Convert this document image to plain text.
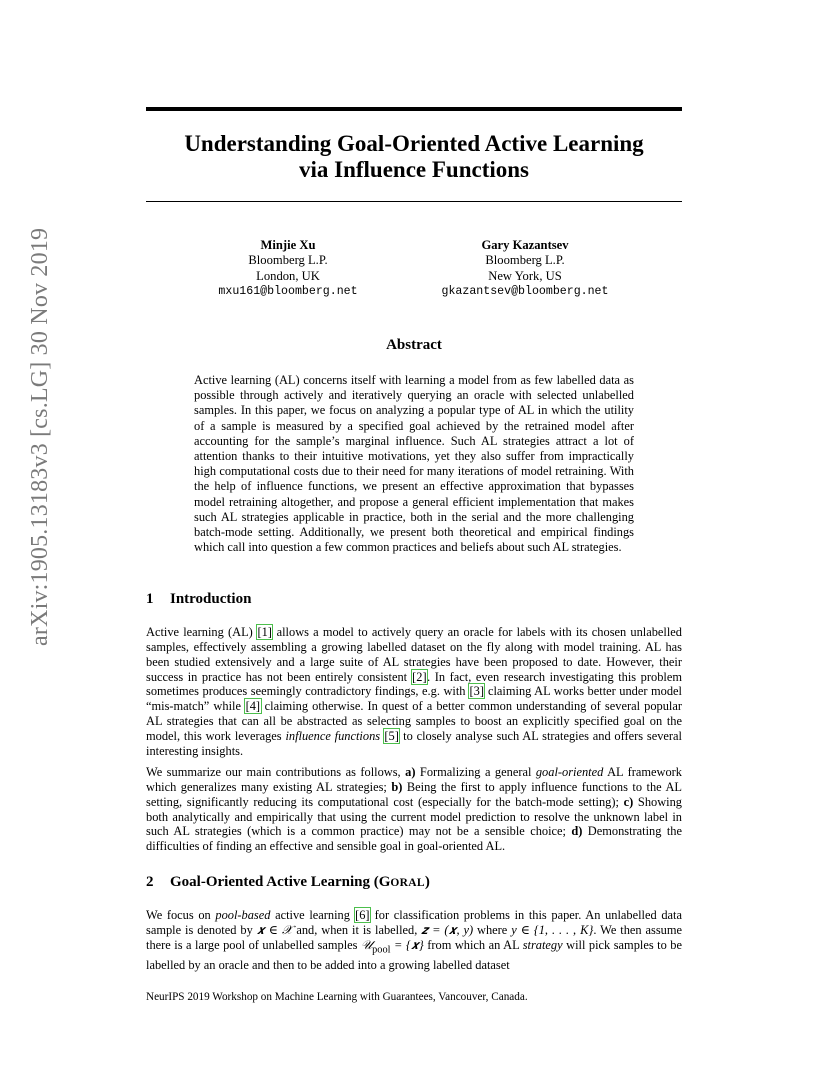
arXiv:1905.13183v3 [cs.LG] 30 Nov 2019
Understanding Goal-Oriented Active Learning
via Influence Functions
Minjie Xu
Bloomberg L.P.
London, UK
mxu161@bloomberg.net
Gary Kazantsev
Bloomberg L.P.
New York, US
gkazantsev@bloomberg.net
Abstract
Active learning (AL) concerns itself with learning a model from as few labelled data as possible through actively and iteratively querying an oracle with selected unlabelled samples. In this paper, we focus on analyzing a popular type of AL in which the utility of a sample is measured by a specified goal achieved by the retrained model after accounting for the sample’s marginal influence. Such AL strategies attract a lot of attention thanks to their intuitive motivations, yet they also suffer from impractically high computational costs due to their need for many iterations of model retraining. With the help of influence functions, we present an effective approximation that bypasses model retraining altogether, and propose a general efficient implementation that makes such AL strategies applicable in practice, both in the serial and the more challenging batch-mode setting. Additionally, we present both theoretical and empirical findings which call into question a few common practices and beliefs about such AL strategies.
1 Introduction

Active learning (AL) [1] allows a model to actively query an oracle for labels with its chosen unlabelled samples, effectively assembling a growing labelled dataset on the fly along with model training. AL has been studied extensively and a large suite of AL strategies have been proposed to date. However, their success in practice has not been entirely consistent [2]. In fact, even research investigating this problem sometimes produces seemingly contradictory findings, e.g. with [3] claiming AL works better under model “mis-match” while [4] claiming otherwise. In quest of a better common understanding of several popular AL strategies that can all be abstracted as selecting samples to boost an explicitly specified goal on the model, this work leverages influence functions [5] to closely analyse such AL strategies and offers several interesting insights.

We summarize our main contributions as follows, a) Formalizing a general goal-oriented AL framework which generalizes many existing AL strategies; b) Being the first to apply influence functions to the AL setting, significantly reducing its computational cost (especially for the batch-mode setting); c) Showing both analytically and empirically that using the current model prediction to resolve the unknown label in such AL strategies (which is a common practice) may not be a sensible choice; d) Demonstrating the difficulties of finding an effective and sensible goal in goal-oriented AL.

2 Goal-Oriented Active Learning (GORAL)

We focus on pool-based active learning [6] for classification problems in this paper. An unlabelled data sample is denoted by 𝒙 ∈ 𝒳 and, when it is labelled, 𝒛 = (𝒙, y) where y ∈ {1, . . . , K}. We then assume there is a large pool of unlabelled samples 𝒰$_{pool}$ = {𝒙} from which an AL strategy will pick samples to be labelled by an oracle and then to be added into a growing labelled dataset

NeurIPS 2019 Workshop on Machine Learning with Guarantees, Vancouver, Canada.
